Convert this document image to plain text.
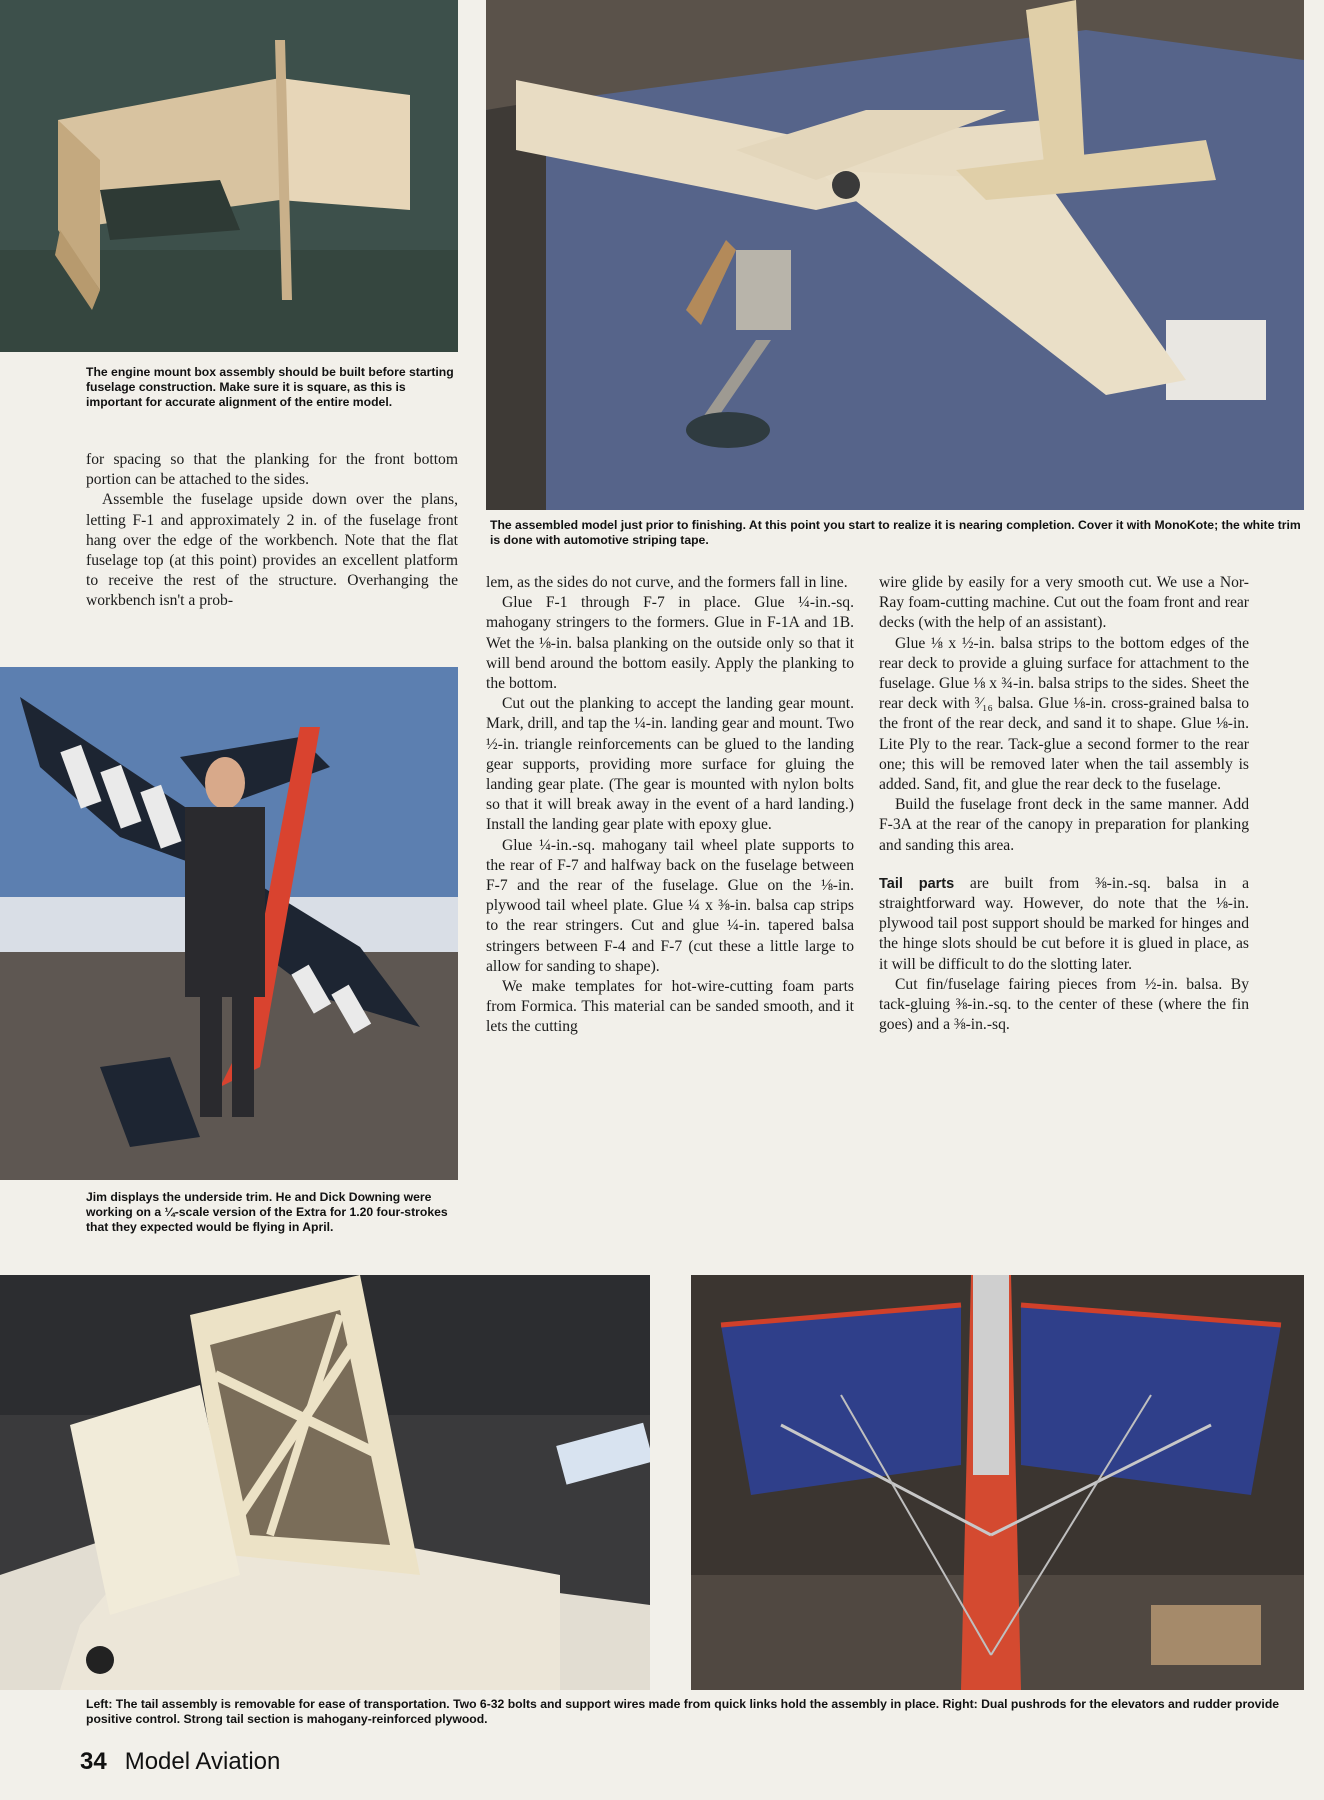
The engine mount box assembly should be built before starting fuselage construction. Make sure it is square, as this is important for accurate alignment of the entire model.
The assembled model just prior to finishing. At this point you start to realize it is nearing completion. Cover it with MonoKote; the white trim is done with automotive striping tape.

for spacing so that the planking for the front bottom portion can be attached to the sides.

Assemble the fuselage upside down over the plans, letting F-1 and approximately 2 in. of the fuselage front hang over the edge of the workbench. Note that the flat fuselage top (at this point) provides an excellent platform to receive the rest of the structure. Overhanging the workbench isn't a prob-

Jim displays the underside trim. He and Dick Downing were working on a ¼-scale version of the Extra for 1.20 four-strokes that they expected would be flying in April.

lem, as the sides do not curve, and the formers fall in line.

Glue F-1 through F-7 in place. Glue ¼-in.-sq. mahogany stringers to the formers. Glue in F-1A and 1B. Wet the ⅛-in. balsa planking on the outside only so that it will bend around the bottom easily. Apply the planking to the bottom.

Cut out the planking to accept the landing gear mount. Mark, drill, and tap the ¼-in. landing gear and mount. Two ½-in. triangle reinforcements can be glued to the landing gear supports, providing more surface for gluing the landing gear plate. (The gear is mounted with nylon bolts so that it will break away in the event of a hard landing.) Install the landing gear plate with epoxy glue.

Glue ¼-in.-sq. mahogany tail wheel plate supports to the rear of F-7 and halfway back on the fuselage between F-7 and the rear of the fuselage. Glue on the ⅛-in. plywood tail wheel plate. Glue ¼ x ⅜-in. balsa cap strips to the rear stringers. Cut and glue ¼-in. tapered balsa stringers between F-4 and F-7 (cut these a little large to allow for sanding to shape).

We make templates for hot-wire-cutting foam parts from Formica. This material can be sanded smooth, and it lets the cutting

wire glide by easily for a very smooth cut. We use a Nor-Ray foam-cutting machine. Cut out the foam front and rear decks (with the help of an assistant).

Glue ⅛ x ½-in. balsa strips to the bottom edges of the rear deck to provide a gluing surface for attachment to the fuselage. Glue ⅛ x ¾-in. balsa strips to the sides. Sheet the rear deck with ³⁄₁₆ balsa. Glue ⅛-in. cross-grained balsa to the front of the rear deck, and sand it to shape. Glue ⅛-in. Lite Ply to the rear. Tack-glue a second former to the rear one; this will be removed later when the tail assembly is added. Sand, fit, and glue the rear deck to the fuselage.

Build the fuselage front deck in the same manner. Add F-3A at the rear of the canopy in preparation for planking and sanding this area.

Tail parts are built from ⅜-in.-sq. balsa in a straightforward way. However, do note that the ⅛-in. plywood tail post support should be marked for hinges and the hinge slots should be cut before it is glued in place, as it will be difficult to do the slotting later.

Cut fin/fuselage fairing pieces from ½-in. balsa. By tack-gluing ⅜-in.-sq. to the center of these (where the fin goes) and a ⅜-in.-sq.

Left: The tail assembly is removable for ease of transportation. Two 6-32 bolts and support wires made from quick links hold the assembly in place. Right: Dual pushrods for the elevators and rudder provide positive control. Strong tail section is mahogany-reinforced plywood.
34 Model Aviation
